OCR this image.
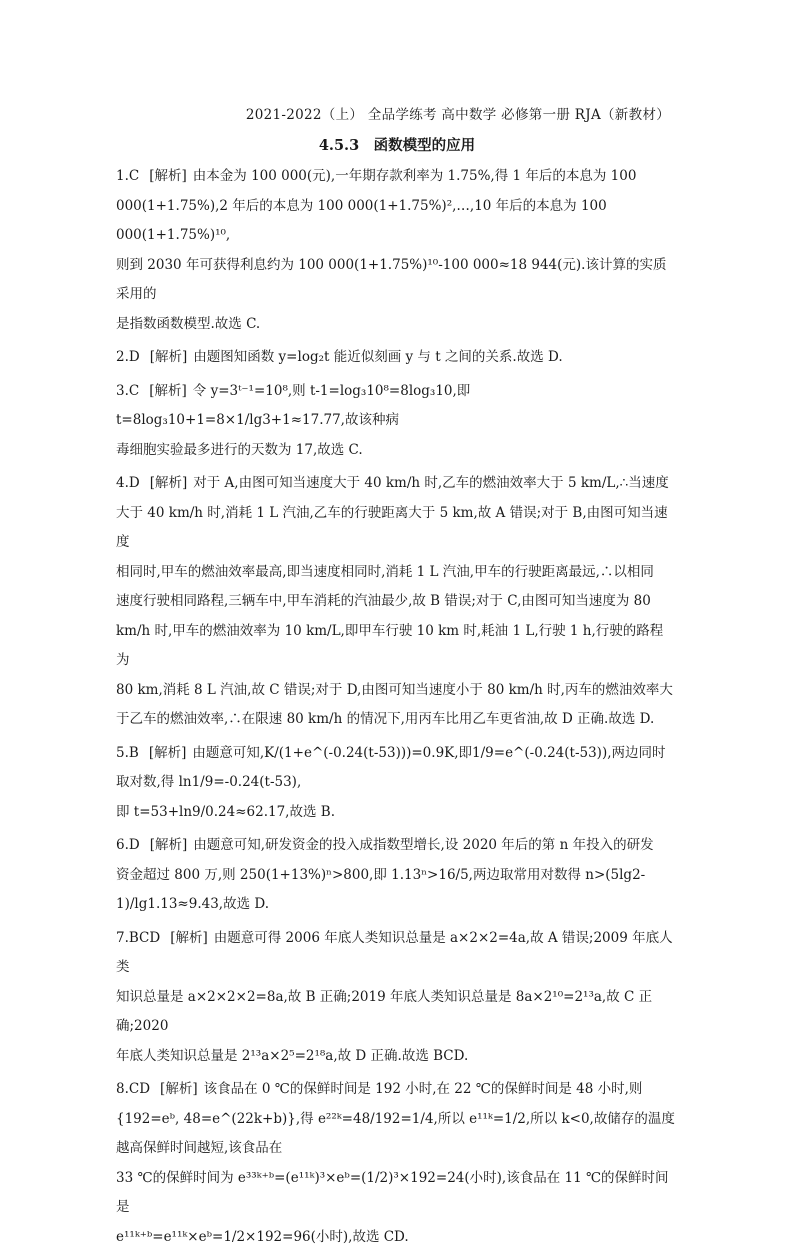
2021-2022（上） 全品学练考 高中数学 必修第一册 RJA（新教材）
4.5.3　函数模型的应用

1.C [解析] 由本金为 100 000(元),一年期存款利率为 1.75%,得 1 年后的本息为 100

000(1+1.75%),2 年后的本息为 100 000(1+1.75%)²,…,10 年后的本息为 100 000(1+1.75%)¹⁰,

则到 2030 年可获得利息约为 100 000(1+1.75%)¹⁰-100 000≈18 944(元).该计算的实质采用的

是指数函数模型.故选 C.

2.D [解析] 由题图知函数 y=log₂t 能近似刻画 y 与 t 之间的关系.故选 D.

3.C [解析] 令 y=3ᵗ⁻¹=10⁸,则 t-1=log₃10⁸=8log₃10,即 t=8log₃10+1=8×1/lg3+1≈17.77,故该种病

毒细胞实验最多进行的天数为 17,故选 C.

4.D [解析] 对于 A,由图可知当速度大于 40 km/h 时,乙车的燃油效率大于 5 km/L,∴当速度

大于 40 km/h 时,消耗 1 L 汽油,乙车的行驶距离大于 5 km,故 A 错误;对于 B,由图可知当速度

相同时,甲车的燃油效率最高,即当速度相同时,消耗 1 L 汽油,甲车的行驶距离最远,∴以相同

速度行驶相同路程,三辆车中,甲车消耗的汽油最少,故 B 错误;对于 C,由图可知当速度为 80

km/h 时,甲车的燃油效率为 10 km/L,即甲车行驶 10 km 时,耗油 1 L,行驶 1 h,行驶的路程为

80 km,消耗 8 L 汽油,故 C 错误;对于 D,由图可知当速度小于 80 km/h 时,丙车的燃油效率大

于乙车的燃油效率,∴在限速 80 km/h 的情况下,用丙车比用乙车更省油,故 D 正确.故选 D.

5.B [解析] 由题意可知,K/(1+e^(-0.24(t-53)))=0.9K,即1/9=e^(-0.24(t-53)),两边同时取对数,得 ln1/9=-0.24(t-53),

即 t=53+ln9/0.24≈62.17,故选 B.

6.D [解析] 由题意可知,研发资金的投入成指数型增长,设 2020 年后的第 n 年投入的研发

资金超过 800 万,则 250(1+13%)ⁿ>800,即 1.13ⁿ>16/5,两边取常用对数得 n>(5lg2-1)/lg1.13≈9.43,故选 D.

7.BCD [解析] 由题意可得 2006 年底人类知识总量是 a×2×2=4a,故 A 错误;2009 年底人类

知识总量是 a×2×2×2=8a,故 B 正确;2019 年底人类知识总量是 8a×2¹⁰=2¹³a,故 C 正确;2020

年底人类知识总量是 2¹³a×2⁵=2¹⁸a,故 D 正确.故选 BCD.

8.CD [解析] 该食品在 0 ℃的保鲜时间是 192 小时,在 22 ℃的保鲜时间是 48 小时,则

{192=eᵇ, 48=e^(22k+b)},得 e²²ᵏ=48/192=1/4,所以 e¹¹ᵏ=1/2,所以 k<0,故储存的温度越高保鲜时间越短,该食品在

33 ℃的保鲜时间为 e³³ᵏ⁺ᵇ=(e¹¹ᵏ)³×eᵇ=(1/2)³×192=24(小时),该食品在 11 ℃的保鲜时间是

e¹¹ᵏ⁺ᵇ=e¹¹ᵏ×eᵇ=1/2×192=96(小时),故选 CD.
